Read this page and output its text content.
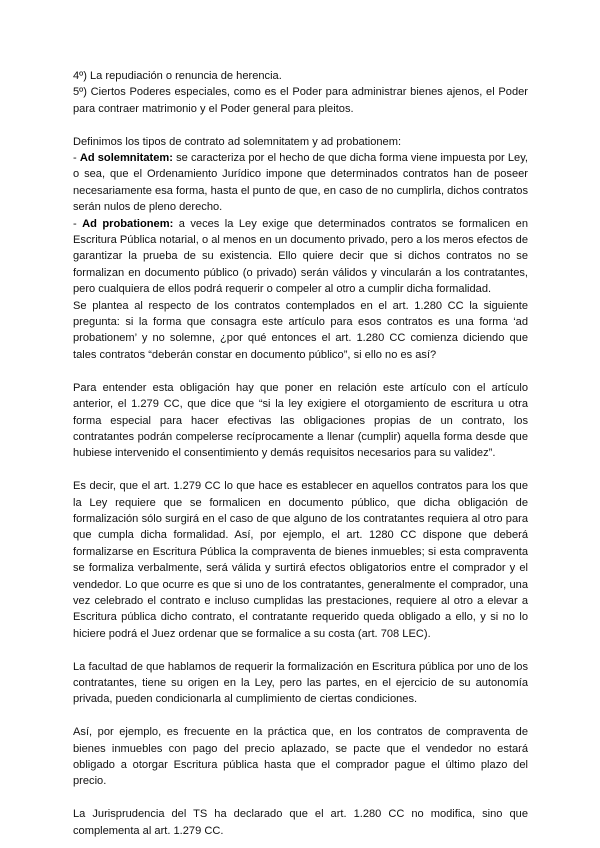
4º) La repudiación o renuncia de herencia.

5º) Ciertos Poderes especiales, como es el Poder para administrar bienes ajenos, el Poder para contraer matrimonio y el Poder general para pleitos.

Definimos los tipos de contrato ad solemnitatem y ad probationem:

- Ad solemnitatem: se caracteriza por el hecho de que dicha forma viene impuesta por Ley, o sea, que el Ordenamiento Jurídico impone que determinados contratos han de poseer necesariamente esa forma, hasta el punto de que, en caso de no cumplirla, dichos contratos serán nulos de pleno derecho.

- Ad probationem: a veces la Ley exige que determinados contratos se formalicen en Escritura Pública notarial, o al menos en un documento privado, pero a los meros efectos de garantizar la prueba de su existencia. Ello quiere decir que si dichos contratos no se formalizan en documento público (o privado) serán válidos y vincularán a los contratantes, pero cualquiera de ellos podrá requerir o compeler al otro a cumplir dicha formalidad.

Se plantea al respecto de los contratos contemplados en el art. 1.280 CC la siguiente pregunta: si la forma que consagra este artículo para esos contratos es una forma ‘ad probationem’ y no solemne, ¿por qué entonces el art. 1.280 CC comienza diciendo que tales contratos “deberán constar en documento público”, si ello no es así?

Para entender esta obligación hay que poner en relación este artículo con el artículo anterior, el 1.279 CC, que dice que “si la ley exigiere el otorgamiento de escritura u otra forma especial para hacer efectivas las obligaciones propias de un contrato, los contratantes podrán compelerse recíprocamente a llenar (cumplir) aquella forma desde que hubiese intervenido el consentimiento y demás requisitos necesarios para su validez”.

Es decir, que el art. 1.279 CC lo que hace es establecer en aquellos contratos para los que la Ley requiere que se formalicen en documento público, que dicha obligación de formalización sólo surgirá en el caso de que alguno de los contratantes requiera al otro para que cumpla dicha formalidad. Así, por ejemplo, el art. 1280 CC dispone que deberá formalizarse en Escritura Pública la compraventa de bienes inmuebles; si esta compraventa se formaliza verbalmente, será válida y surtirá efectos obligatorios entre el comprador y el vendedor. Lo que ocurre es que si uno de los contratantes, generalmente el comprador, una vez celebrado el contrato e incluso cumplidas las prestaciones, requiere al otro a elevar a Escritura pública dicho contrato, el contratante requerido queda obligado a ello, y si no lo hiciere podrá el Juez ordenar que se formalice a su costa (art. 708 LEC).

La facultad de que hablamos de requerir la formalización en Escritura pública por uno de los contratantes, tiene su origen en la Ley, pero las partes, en el ejercicio de su autonomía privada, pueden condicionarla al cumplimiento de ciertas condiciones.

Así, por ejemplo, es frecuente en la práctica que, en los contratos de compraventa de bienes inmuebles con pago del precio aplazado, se pacte que el vendedor no estará obligado a otorgar Escritura pública hasta que el comprador pague el último plazo del precio.

La Jurisprudencia del TS ha declarado que el art. 1.280 CC no modifica, sino que complementa al art. 1.279 CC.
